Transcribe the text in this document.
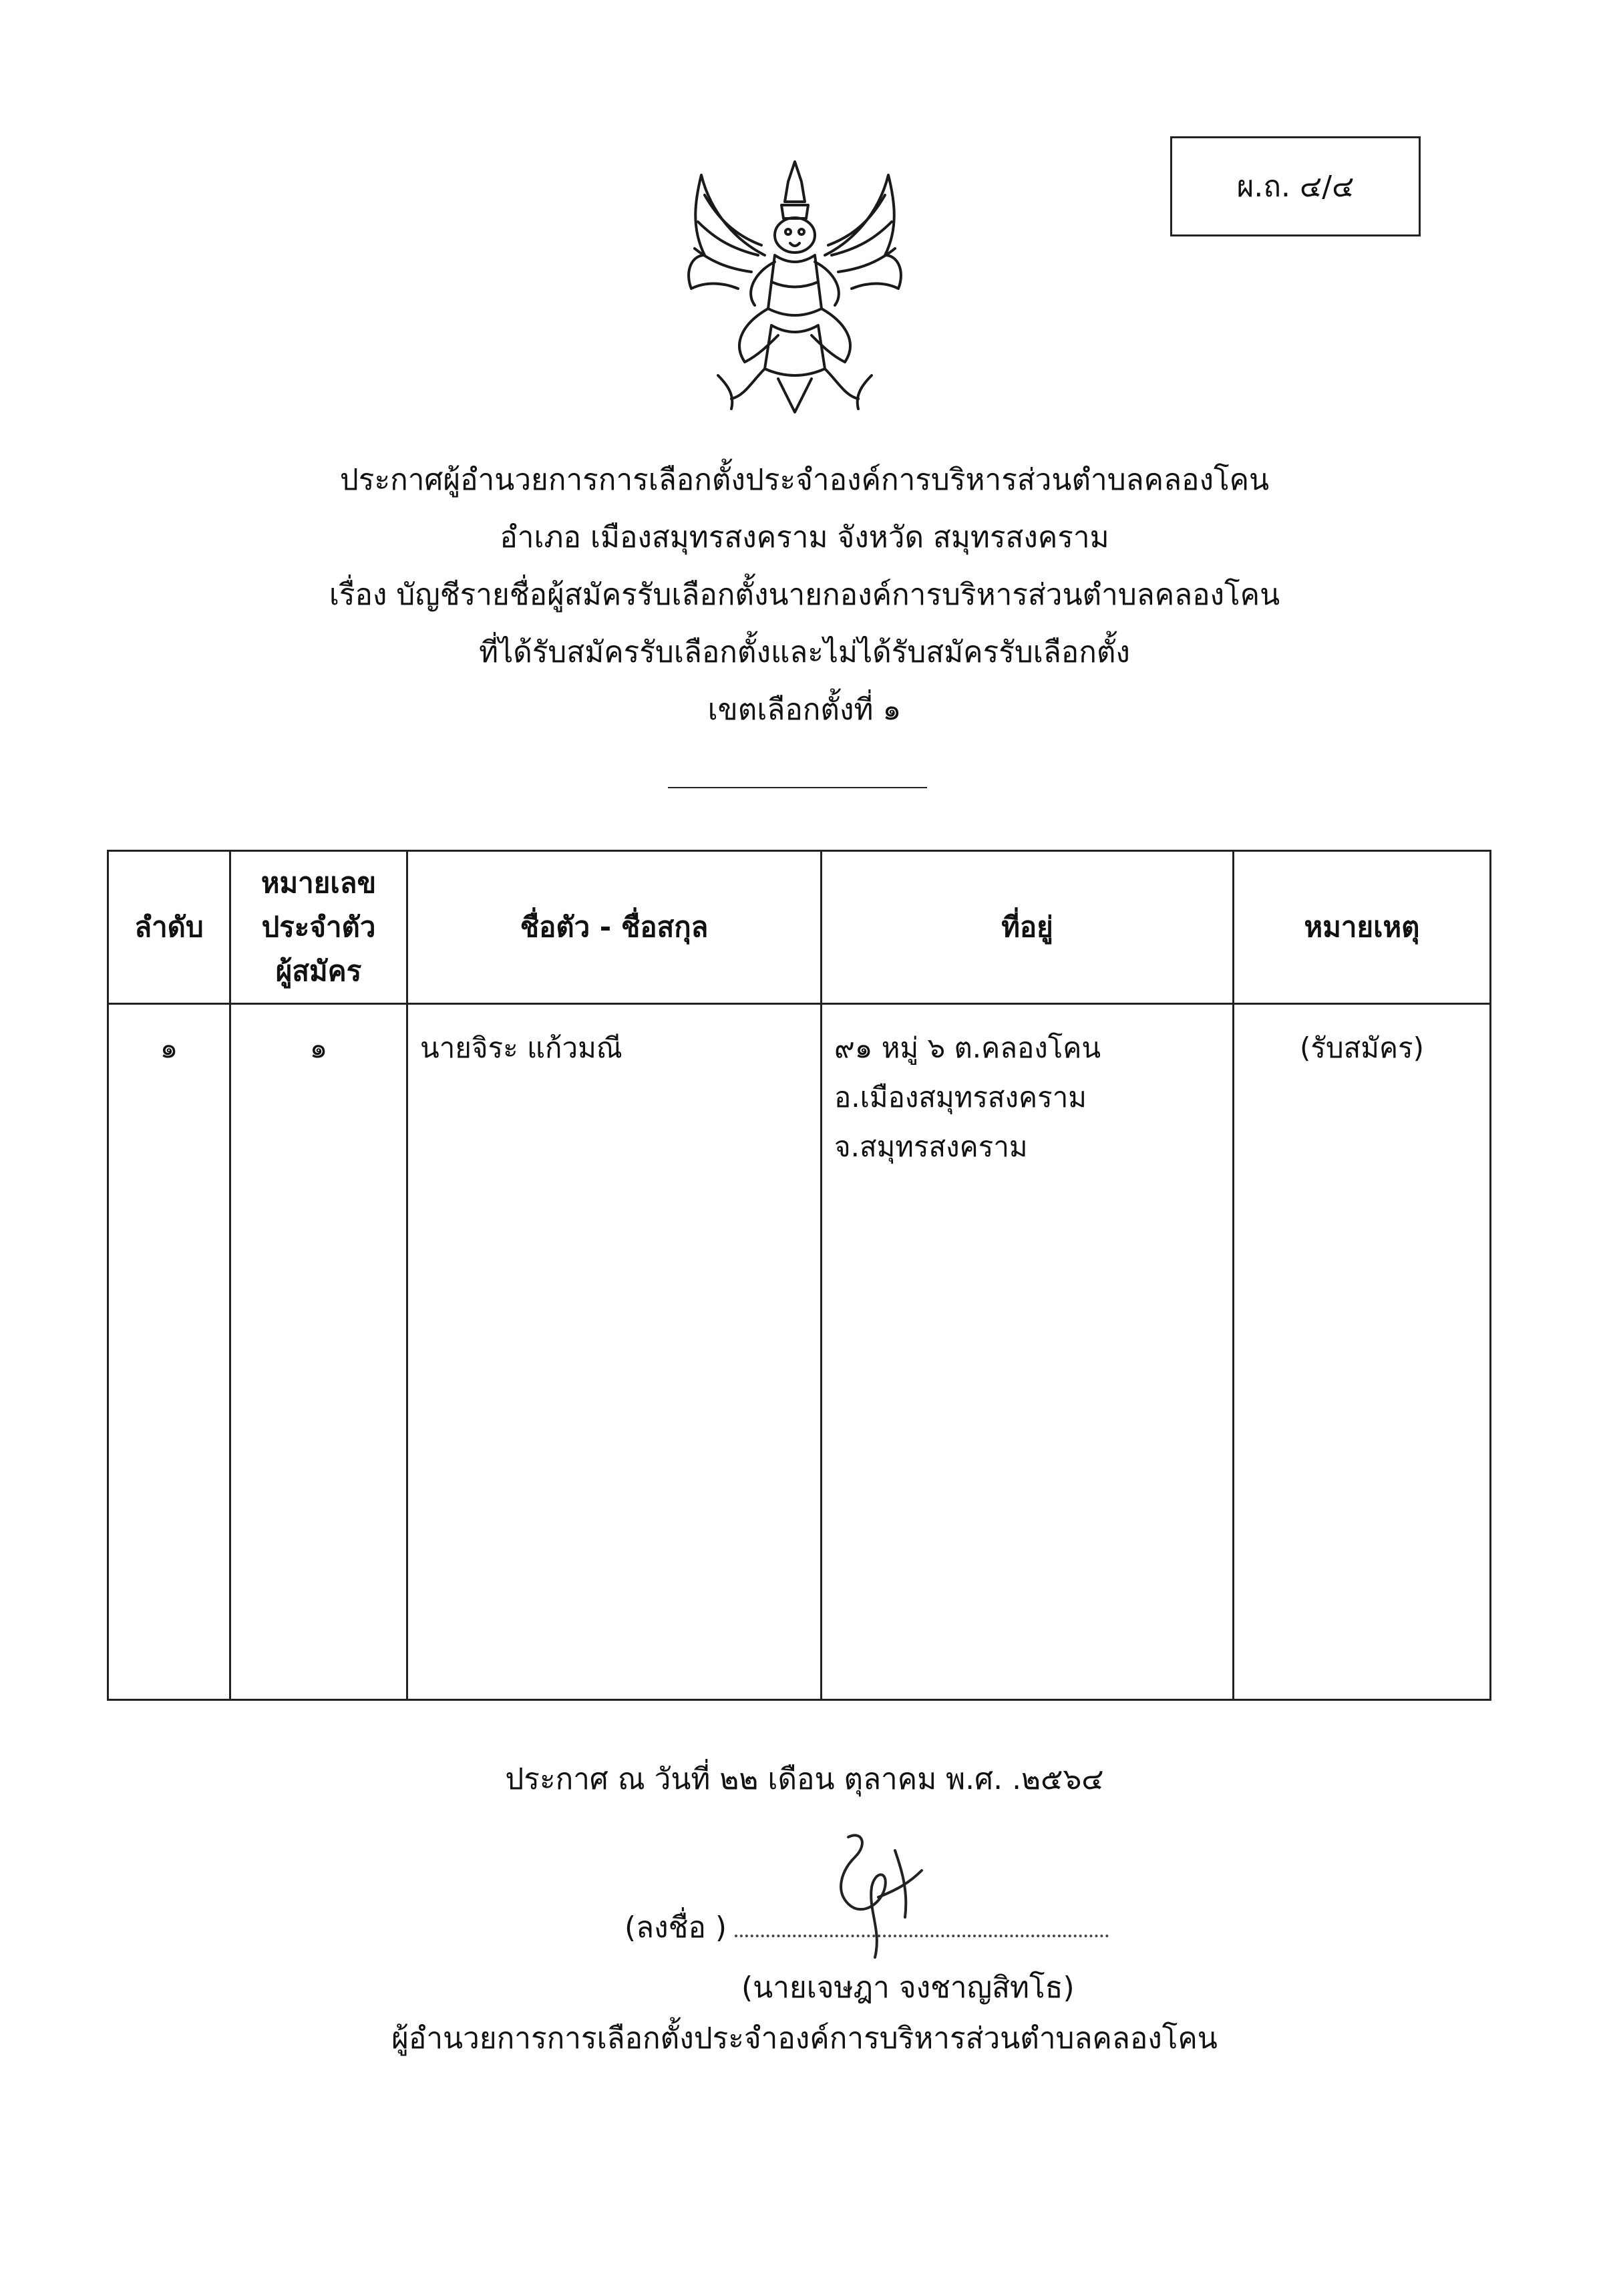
ผ.ถ. ๔/๔
ประกาศผู้อำนวยการการเลือกตั้งประจำองค์การบริหารส่วนตำบลคลองโคน
อำเภอ เมืองสมุทรสงคราม จังหวัด สมุทรสงคราม
เรื่อง บัญชีรายชื่อผู้สมัครรับเลือกตั้งนายกองค์การบริหารส่วนตำบลคลองโคน
ที่ได้รับสมัครรับเลือกตั้งและไม่ได้รับสมัครรับเลือกตั้ง
เขตเลือกตั้งที่ ๑
ลำดับ	หมายเลข
ประจำตัว
ผู้สมัคร	ชื่อตัว - ชื่อสกุล	ที่อยู่	หมายเหตุ
๑	๑	นายจิระ แก้วมณี	๙๑ หมู่ ๖ ต.คลองโคน
อ.เมืองสมุทรสงคราม
จ.สมุทรสงคราม	(รับสมัคร)
ประกาศ ณ วันที่ ๒๒ เดือน ตุลาคม พ.ศ. .๒๕๖๔
(ลงชื่อ )
(นายเจษฎา จงชาญสิทโธ)
ผู้อำนวยการการเลือกตั้งประจำองค์การบริหารส่วนตำบลคลองโคน
